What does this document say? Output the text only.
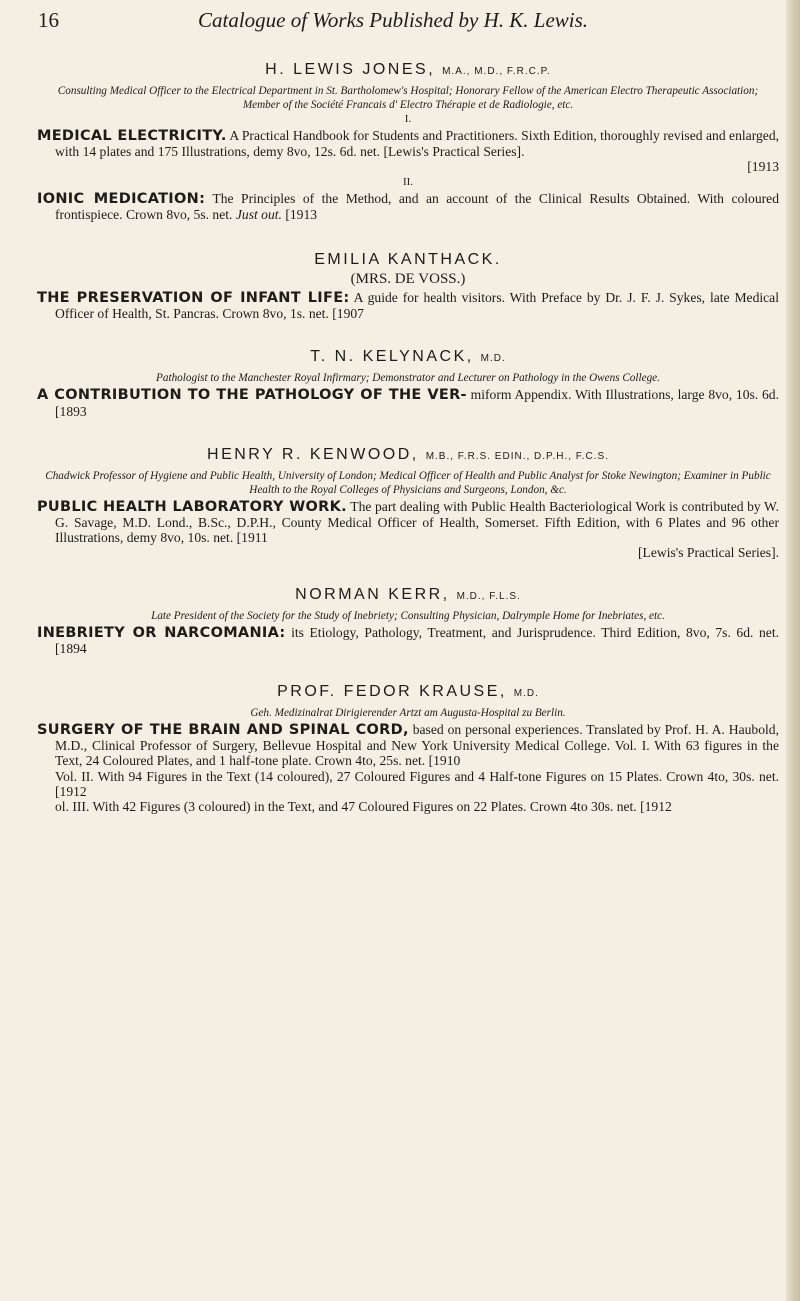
16	Catalogue of Works Published by H. K. Lewis.

H. LEWIS JONES, M.A., M.D., F.R.C.P.

Consulting Medical Officer to the Electrical Department in St. Bartholomew's Hospital; Honorary Fellow of the American Electro Therapeutic Association; Member of the Société Francais d' Electro Thérapie et de Radiologie, etc.

I.

MEDICAL ELECTRICITY. A Practical Handbook for Students and Practitioners. Sixth Edition, thoroughly revised and enlarged, with 14 plates and 175 Illustrations, demy 8vo, 12s. 6d. net. [Lewis's Practical Series].
[1913

II.

IONIC MEDICATION: The Principles of the Method, and an account of the Clinical Results Obtained. With coloured frontispiece. Crown 8vo, 5s. net. Just out. [1913

EMILIA KANTHACK.

(MRS. DE VOSS.)

THE PRESERVATION OF INFANT LIFE: A guide for health visitors. With Preface by Dr. J. F. J. Sykes, late Medical Officer of Health, St. Pancras. Crown 8vo, 1s. net. [1907

T. N. KELYNACK, M.D.

Pathologist to the Manchester Royal Infirmary; Demonstrator and Lecturer on Pathology in the Owens College.

A CONTRIBUTION TO THE PATHOLOGY OF THE VER- miform Appendix. With Illustrations, large 8vo, 10s. 6d. [1893

HENRY R. KENWOOD, M.B., F.R.S. EDIN., D.P.H., F.C.S.

Chadwick Professor of Hygiene and Public Health, University of London; Medical Officer of Health and Public Analyst for Stoke Newington; Examiner in Public Health to the Royal Colleges of Physicians and Surgeons, London, &c.

PUBLIC HEALTH LABORATORY WORK. The part dealing with Public Health Bacteriological Work is contributed by W. G. Savage, M.D. Lond., B.Sc., D.P.H., County Medical Officer of Health, Somerset. Fifth Edition, with 6 Plates and 96 other Illustrations, demy 8vo, 10s. net. [1911
[Lewis's Practical Series].

NORMAN KERR, M.D., F.L.S.

Late President of the Society for the Study of Inebriety; Consulting Physician, Dalrymple Home for Inebriates, etc.

INEBRIETY OR NARCOMANIA: its Etiology, Pathology, Treatment, and Jurisprudence. Third Edition, 8vo, 7s. 6d. net. [1894

PROF. FEDOR KRAUSE, M.D.

Geh. Medizinalrat Dirigierender Artzt am Augusta-Hospital zu Berlin.

SURGERY OF THE BRAIN AND SPINAL CORD, based on personal experiences. Translated by Prof. H. A. Haubold, M.D., Clinical Professor of Surgery, Bellevue Hospital and New York University Medical College. Vol. I. With 63 figures in the Text, 24 Coloured Plates, and 1 half-tone plate. Crown 4to, 25s. net. [1910

Vol. II. With 94 Figures in the Text (14 coloured), 27 Coloured Figures and 4 Half-tone Figures on 15 Plates. Crown 4to, 30s. net. [1912

ol. III. With 42 Figures (3 coloured) in the Text, and 47 Coloured Figures on 22 Plates. Crown 4to 30s. net. [1912
